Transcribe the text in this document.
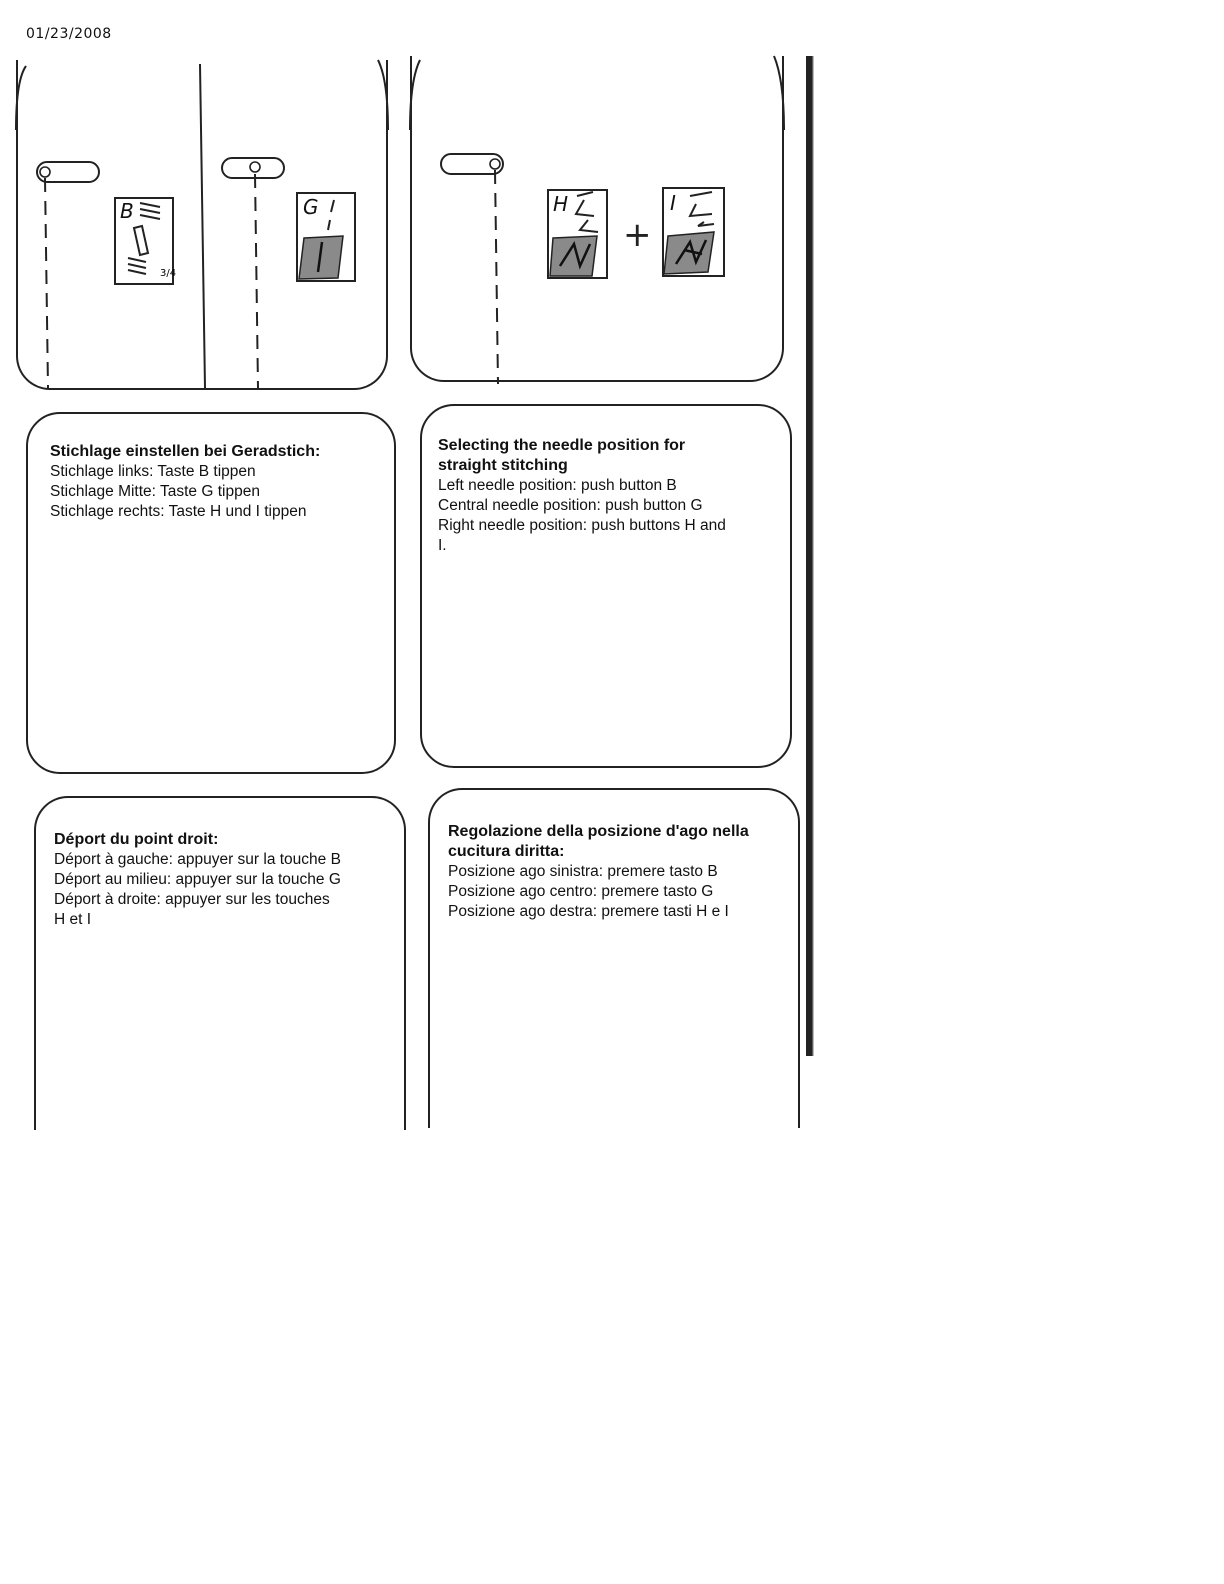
01/23/2008
B
3/4
G	H
+
I
Stichlage einstellen bei Geradstich:
Stichlage links: Taste B tippen
Stichlage Mitte: Taste G tippen
Stichlage rechts: Taste H und I tippen
Selecting the needle position for
straight stitching
Left needle position: push button B
Central needle position: push button G
Right needle position: push buttons H and
I.
Déport du point droit:
Déport à gauche: appuyer sur la touche B
Déport au milieu: appuyer sur la touche G
Déport à droite: appuyer sur les touches
H et I
Regolazione della posizione d'ago nella
cucitura diritta:
Posizione ago sinistra: premere tasto B
Posizione ago centro: premere tasto G
Posizione ago destra: premere tasti H e I
